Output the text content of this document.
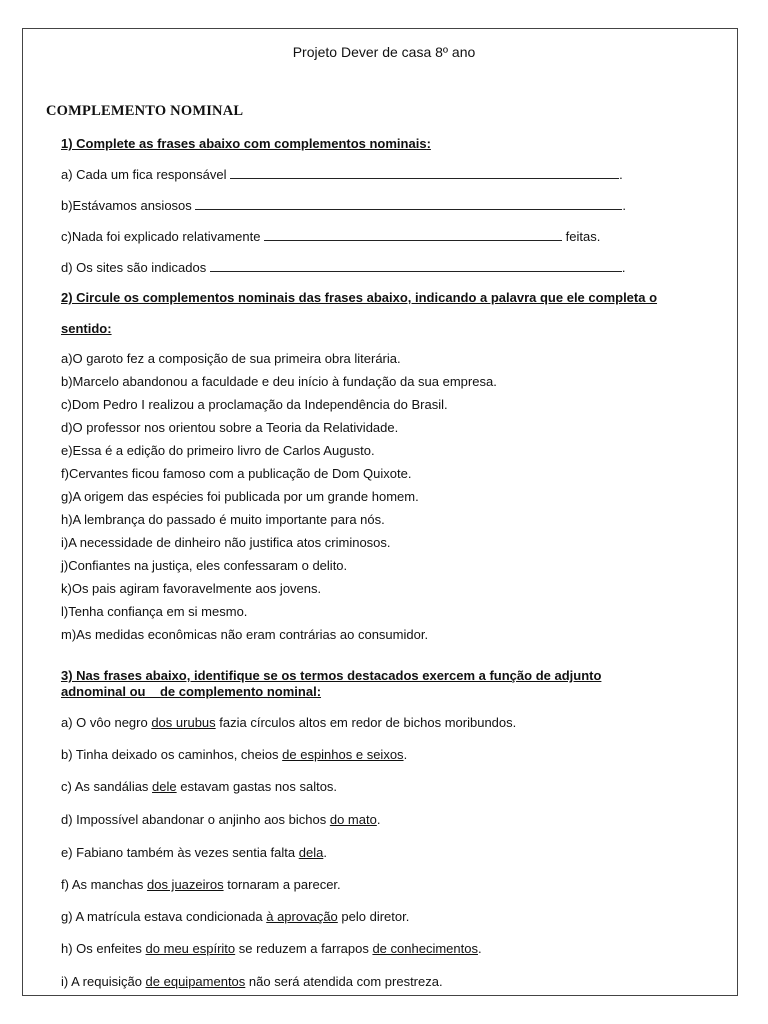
Projeto Dever de casa 8º ano
COMPLEMENTO NOMINAL
1) Complete as frases abaixo com complementos nominais:
a) Cada um fica responsável	.
b)Estávamos ansiosos	.
c)Nada foi explicado relativamente	feitas.
d) Os sites são indicados	.
2) Circule os complementos nominais das frases abaixo, indicando a palavra que ele completa o
sentido:
a)O garoto fez a composição de sua primeira obra literária.
b)Marcelo abandonou a faculdade e deu início à fundação da sua empresa.
c)Dom Pedro I realizou a proclamação da Independência do Brasil.
d)O professor nos orientou sobre a Teoria da Relatividade.
e)Essa é a edição do primeiro livro de Carlos Augusto.
f)Cervantes ficou famoso com a publicação de Dom Quixote.
g)A origem das espécies foi publicada por um grande homem.
h)A lembrança do passado é muito importante para nós.
i)A necessidade de dinheiro não justifica atos criminosos.
j)Confiantes na justiça, eles confessaram o delito.
k)Os pais agiram favoravelmente aos jovens.
l)Tenha confiança em si mesmo.
m)As medidas econômicas não eram contrárias ao consumidor.
3) Nas frases abaixo, identifique se os termos destacados exercem a função de adjunto
adnominal ou    de complemento nominal:
a) O vôo negro dos urubus fazia círculos altos em redor de bichos moribundos.
b) Tinha deixado os caminhos, cheios de espinhos e seixos.
c) As sandálias dele estavam gastas nos saltos.
d) Impossível abandonar o anjinho aos bichos do mato.
e) Fabiano também às vezes sentia falta dela.
f) As manchas dos juazeiros tornaram a parecer.
g) A matrícula estava condicionada à aprovação pelo diretor.
h) Os enfeites do meu espírito se reduzem a farrapos de conhecimentos.
i) A requisição de equipamentos não será atendida com prestreza.
